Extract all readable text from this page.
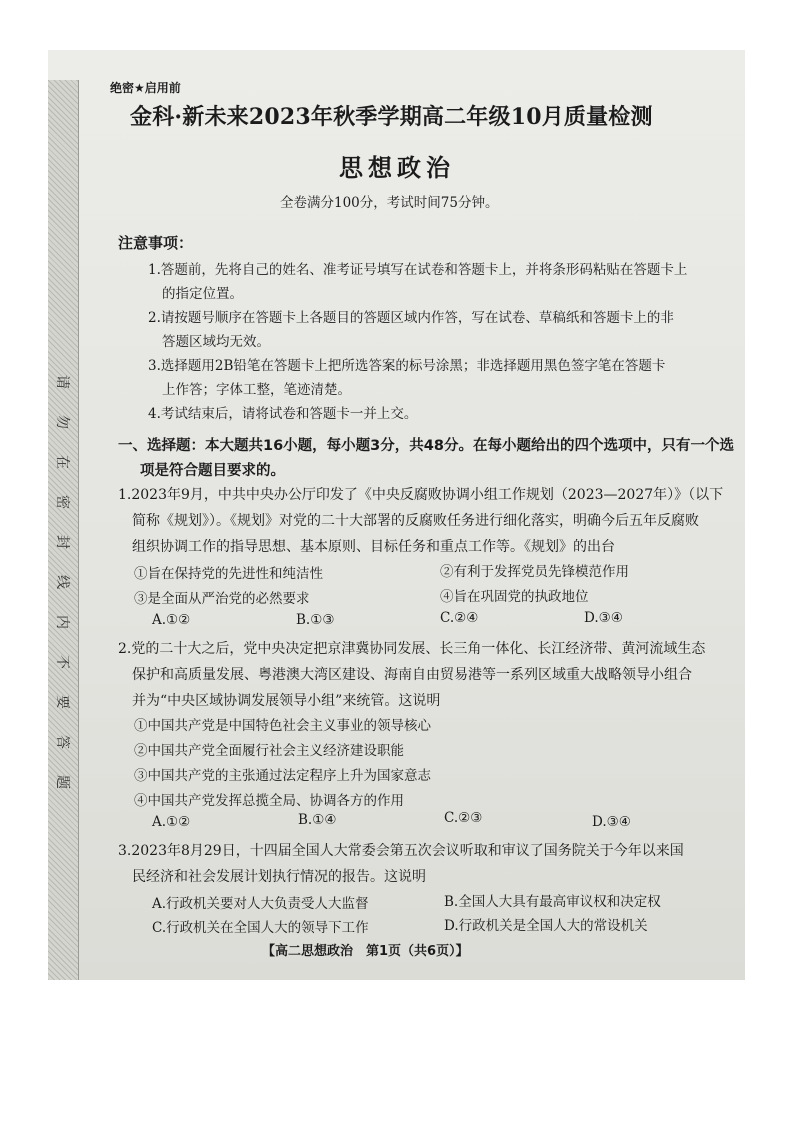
请
勿
在
密
封
线
内
不
要
答
题
绝密★启用前
金科·新未来2023年秋季学期高二年级10月质量检测
思想政治
全卷满分100分，考试时间75分钟。
注意事项：
1.答题前，先将自己的姓名、准考证号填写在试卷和答题卡上，并将条形码粘贴在答题卡上
的指定位置。
2.请按题号顺序在答题卡上各题目的答题区域内作答，写在试卷、草稿纸和答题卡上的非
答题区域均无效。
3.选择题用2B铅笔在答题卡上把所选答案的标号涂黑；非选择题用黑色签字笔在答题卡
上作答；字体工整，笔迹清楚。
4.考试结束后，请将试卷和答题卡一并上交。
一、选择题：本大题共16小题，每小题3分，共48分。在每小题给出的四个选项中，只有一个选
项是符合题目要求的。
1.2023年9月，中共中央办公厅印发了《中央反腐败协调小组工作规划（2023—2027年）》（以下
简称《规划》）。《规划》对党的二十大部署的反腐败任务进行细化落实，明确今后五年反腐败
组织协调工作的指导思想、基本原则、目标任务和重点工作等。《规划》的出台
①旨在保持党的先进性和纯洁性	②有利于发挥党员先锋模范作用
③是全面从严治党的必然要求	④旨在巩固党的执政地位
A.①②	B.①③	C.②④	D.③④
2.党的二十大之后，党中央决定把京津冀协同发展、长三角一体化、长江经济带、黄河流域生态
保护和高质量发展、粤港澳大湾区建设、海南自由贸易港等一系列区域重大战略领导小组合
并为“中央区域协调发展领导小组”来统管。这说明
①中国共产党是中国特色社会主义事业的领导核心
②中国共产党全面履行社会主义经济建设职能
③中国共产党的主张通过法定程序上升为国家意志
④中国共产党发挥总揽全局、协调各方的作用
A.①②	B.①④	C.②③	D.③④
3.2023年8月29日，十四届全国人大常委会第五次会议听取和审议了国务院关于今年以来国
民经济和社会发展计划执行情况的报告。这说明
A.行政机关要对人大负责受人大监督	B.全国人大具有最高审议权和决定权
C.行政机关在全国人大的领导下工作	D.行政机关是全国人大的常设机关
【高二思想政治　第1页（共6页）】
